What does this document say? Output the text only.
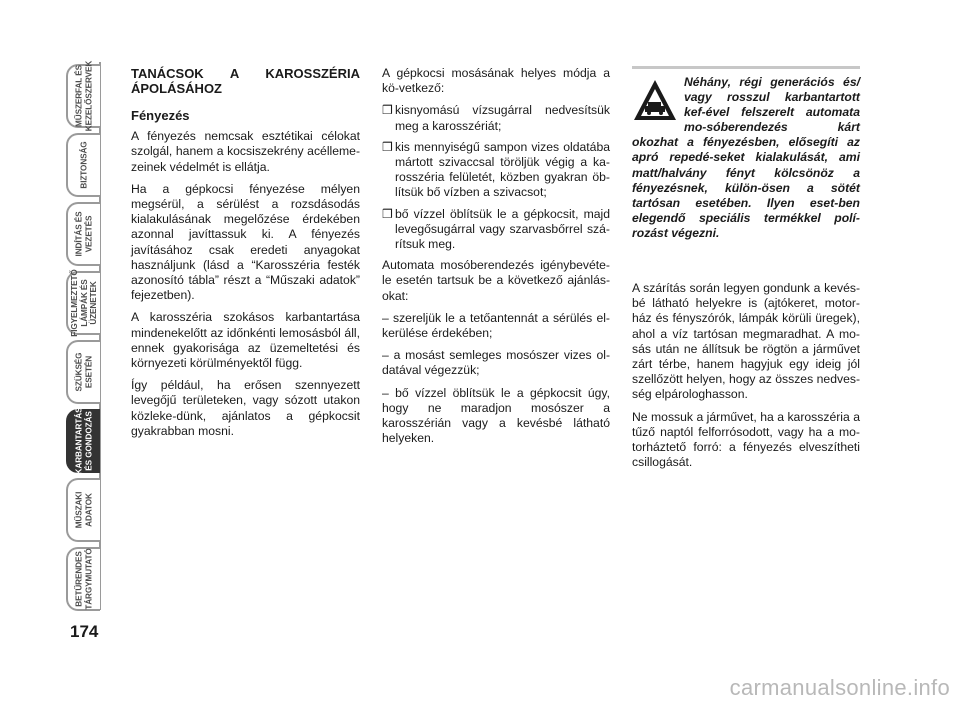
MŰSZERFAL ÉS
KEZELŐSZERVEK
BIZTONSÁG
INDÍTÁS ÉS
VEZETÉS
FIGYELMEZTETŐ
LÁMPÁK ÉS
ÜZENETEK
SZÜKSÉG
ESETÉN
KARBANTARTÁS
ÉS GONDOZÁS
MŰSZAKI
ADATOK
BETŰRENDES
TÁRGYMUTATÓ
174
TANÁCSOK A KAROSSZÉRIA ÁPOLÁSÁHOZ
Fényezés

A fényezés nemcsak esztétikai célokat szolgál, hanem a kocsiszekrény acélleme-zeinek védelmét is ellátja.

Ha a gépkocsi fényezése mélyen megsérül, a sérülést a rozsdásodás kialakulásának megelőzése érdekében azonnal javíttassuk ki. A fényezés javításához csak eredeti anyagokat használjunk (lásd a “Karosszéria festék azonosító tábla” részt a “Műszaki adatok” fejezetben).

A karosszéria szokásos karbantartása mindenekelőtt az időnkénti lemosásból áll, ennek gyakorisága az üzemeltetési és környezeti körülményektől függ.

Így például, ha erősen szennyezett levegőjű területeken, vagy sózott utakon közleke-dünk, ajánlatos a gépkocsit gyakrabban mosni.

A gépkocsi mosásának helyes módja a kö-vetkező:

❒ kisnyomású vízsugárral nedvesítsük meg a karosszériát;
❒ kis mennyiségű sampon vizes oldatába mártott szivaccsal töröljük végig a ka-rosszéria felületét, közben gyakran öb-lítsük bő vízben a szivacsot;
❒ bő vízzel öblítsük le a gépkocsit, majd levegősugárral vagy szarvasbőrrel szá-rítsuk meg.

Automata mosóberendezés igénybevéte-le esetén tartsuk be a következő ajánlás-okat:

– szereljük le a tetőantennát a sérülés el-kerülése érdekében;

– a mosást semleges mosószer vizes ol-datával végezzük;

– bő vízzel öblítsük le a gépkocsit úgy, hogy ne maradjon mosószer a karosszérián vagy a kevésbé látható helyeken.

Néhány, régi generációs és/ vagy rosszul karbantartott kef-ével felszerelt automata mo-sóberendezés kárt okozhat a fényezésben, elősegíti az apró repedé-seket kialakulását, ami matt/halvány fényt kölcsönöz a fényezésnek, külön-ösen a sötét tartósan esetében. Ilyen eset-ben elegendő speciális termékkel polí-rozást végezni.

A szárítás során legyen gondunk a kevés-bé látható helyekre is (ajtókeret, motor-ház és fényszórók, lámpák körüli üregek), ahol a víz tartósan megmaradhat. A mo-sás után ne állítsuk be rögtön a járművet zárt térbe, hanem hagyjuk egy ideig jól szellőzött helyen, hogy az összes nedves-ség elpárologhasson.

Ne mossuk a járművet, ha a karosszéria a tűző naptól felforrósodott, vagy ha a mo-torháztető forró: a fényezés elveszítheti csillogását.

carmanualsonline.info
